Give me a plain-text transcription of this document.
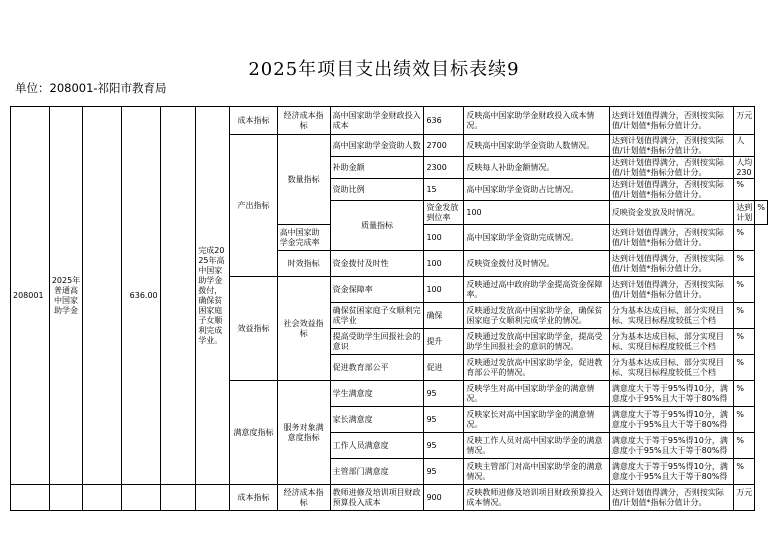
2025年项目支出绩效目标表续9
单位：208001-祁阳市教育局
208001	2025年普通高中国家助学金		636.00		完成2025年高中国家助学金拨付，确保贫困家庭子女顺利完成学业。	成本指标	经济成本指标	高中国家助学金财政投入成本	636	反映高中国家助学金财政投入成本情况。	达到计划值得满分，否则按实际值/计划值*指标分值计分。	万元	

						产出指标	数量指标	高中国家助学金资助人数	2700	反映高中国家助学金资助人数情况。	达到计划值得满分，否则按实际值/计划值*指标分值计分。	人	

								补助金额	2300	反映每人补助金额情况。	达到计划值得满分，否则按实际值/计划值*指标分值计分。	人均230	

								资助比例	15	高中国家助学金资助占比情况。	达到计划值得满分，否则按实际值/计划值*指标分值计分。	%	

								质量指标	资金发放到位率	100	反映资金发放及时情况。	达到计划	%

							高中国家助学金完成率		100	高中国家助学金资助完成情况。	达到计划值得满分，否则按实际值/计划值*指标分值计分。	%	

							时效指标	资金拨付及时性	100	反映资金拨付及时情况。	达到计划值得满分，否则按实际值/计划值*指标分值计分。	%	

						效益指标	社会效益指标	资金保障率	100	反映通过高中政府助学金提高资金保障率。	达到计划值得满分，否则按实际值/计划值*指标分值计分。	%	

								确保贫困家庭子女顺利完成学业	确保	反映通过发放高中国家助学金，确保贫困家庭子女顺利完成学业的情况。	分为基本达成目标、部分实现目标、实现目标程度较低三个档	%	

								提高受助学生回报社会的意识	提升	反映通过发放高中国家助学金，提高受助学生回报社会的意识的情况。	分为基本达成目标、部分实现目标、实现目标程度较低三个档	%	

								促进教育部公平	促进	反映通过发放高中国家助学金，促进教育部公平的情况。	分为基本达成目标、部分实现目标、实现目标程度较低三个档	%	

						满意度指标	服务对象满意度指标	学生满意度	95	反映学生对高中国家助学金的满意情况。	满意度大于等于95%得10分，满意度小于95%且大于等于80%得	%	

								家长满意度	95	反映家长对高中国家助学金的满意情况。	满意度大于等于95%得10分，满意度小于95%且大于等于80%得	%	

								工作人员满意度	95	反映工作人员对高中国家助学金的满意情况。	满意度大于等于95%得10分，满意度小于95%且大于等于80%得	%	

								主管部门满意度	95	反映主管部门对高中国家助学金的满意情况。	满意度大于等于95%得10分，满意度小于95%且大于等于80%得	%	

						成本指标	经济成本指标	教师进修及培训项目财政预算投入成本	900	反映教师进修及培训项目财政预算投入成本情况。	达到计划值得满分，否则按实际值/计划值*指标分值计分。	万元	
